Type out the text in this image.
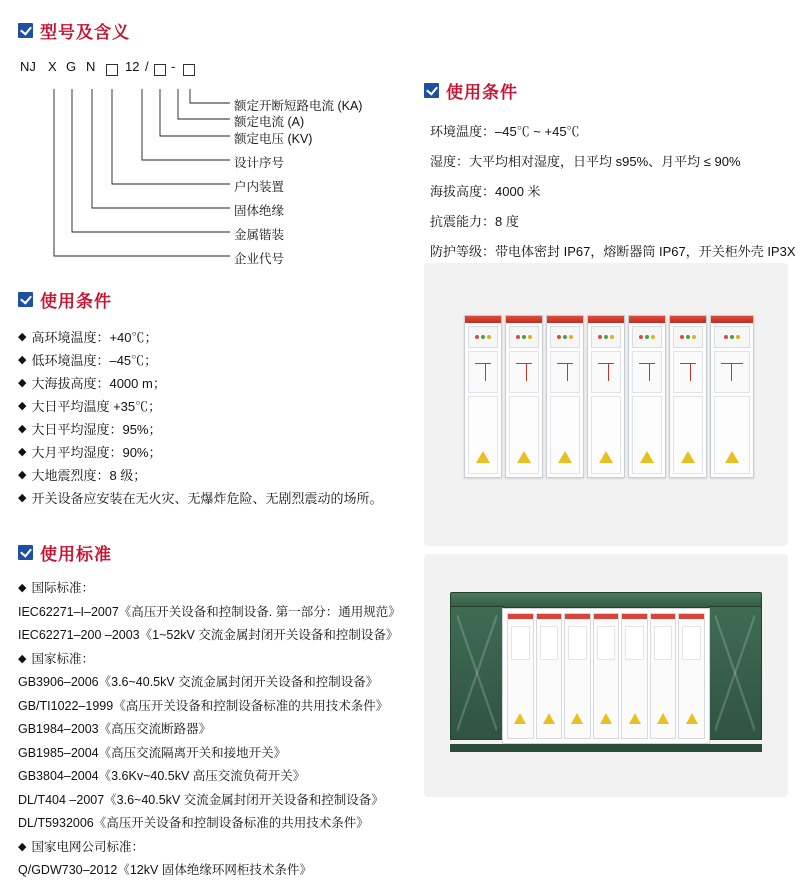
型号及含义
NJ X G N 12 / -
额定开断短路电流 (KA)
额定电流 (A)
额定电压 (KV)
设计序号
户内装置
固体绝缘
金属锴装
企业代号
使用条件
◆ 高环境温度：+40℃；
◆ 低环境温度：–45℃；
◆ 大海拔高度：4000 m；
◆ 大日平均温度 +35℃；
◆ 大日平均湿度：95%；
◆ 大月平均湿度：90%；
◆ 大地震烈度：8 级；
◆ 开关设备应安装在无火灾、无爆炸危险、无剧烈震动的场所。
使用标准
◆ 国际标准：
IEC62271–I–2007《高压开关设备和控制设备. 第一部分：通用规范》
IEC62271–200 –2003《1~52kV 交流金属封闭开关设备和控制设备》
◆ 国家标准：
GB3906–2006《3.6~40.5kV 交流金属封闭开关设备和控制设备》
GB/TI1022–1999《高压开关设备和控制设备标准的共用技术条件》
GB1984–2003《高压交流断路器》
GB1985–2004《高压交流隔离开关和接地开关》
GB3804–2004《3.6Kv~40.5kV 高压交流负荷开关》
DL/T404 –2007《3.6~40.5kV 交流金属封闭开关设备和控制设备》
DL/T5932006《高压开关设备和控制设备标准的共用技术条件》
◆ 国家电网公司标准：
Q/GDW730–2012《12kV 固体绝缘环网柜技术条件》
使用条件
环境温度：–45℃ ~ +45℃
湿度：大平均相对湿度，日平均 s95%、月平均 ≤ 90%
海拔高度：4000 米
抗震能力：8 度
防护等级：带电体密封 IP67，熔断器筒 IP67，开关柜外壳 IP3X
